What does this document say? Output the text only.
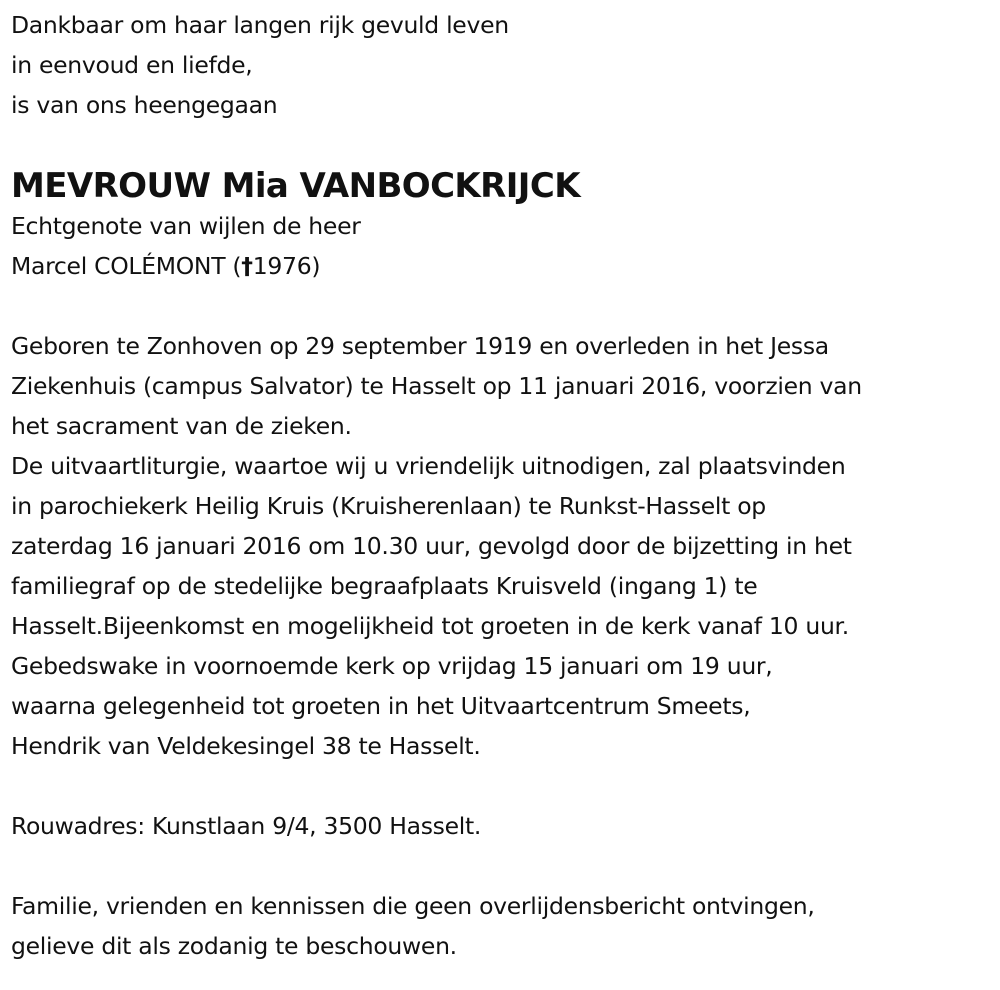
Dankbaar om haar langen rijk gevuld leven
in eenvoud en liefde,
is van ons heengegaan
MEVROUW Mia VANBOCKRIJCK
Echtgenote van wijlen de heer
Marcel COLÉMONT (†1976)
Geboren te Zonhoven op 29 september 1919 en overleden in het Jessa
Ziekenhuis (campus Salvator) te Hasselt op 11 januari 2016, voorzien van
het sacrament van de zieken.
De uitvaartliturgie, waartoe wij u vriendelijk uitnodigen, zal plaatsvinden
in parochiekerk Heilig Kruis (Kruisherenlaan) te Runkst-Hasselt op
zaterdag 16 januari 2016 om 10.30 uur, gevolgd door de bijzetting in het
familiegraf op de stedelijke begraafplaats Kruisveld (ingang 1) te
Hasselt.Bijeenkomst en mogelijkheid tot groeten in de kerk vanaf 10 uur.
Gebedswake in voornoemde kerk op vrijdag 15 januari om 19 uur,
waarna gelegenheid tot groeten in het Uitvaartcentrum Smeets,
Hendrik van Veldekesingel 38 te Hasselt.
Rouwadres: Kunstlaan 9/4, 3500 Hasselt.
Familie, vrienden en kennissen die geen overlijdensbericht ontvingen,
gelieve dit als zodanig te beschouwen.
